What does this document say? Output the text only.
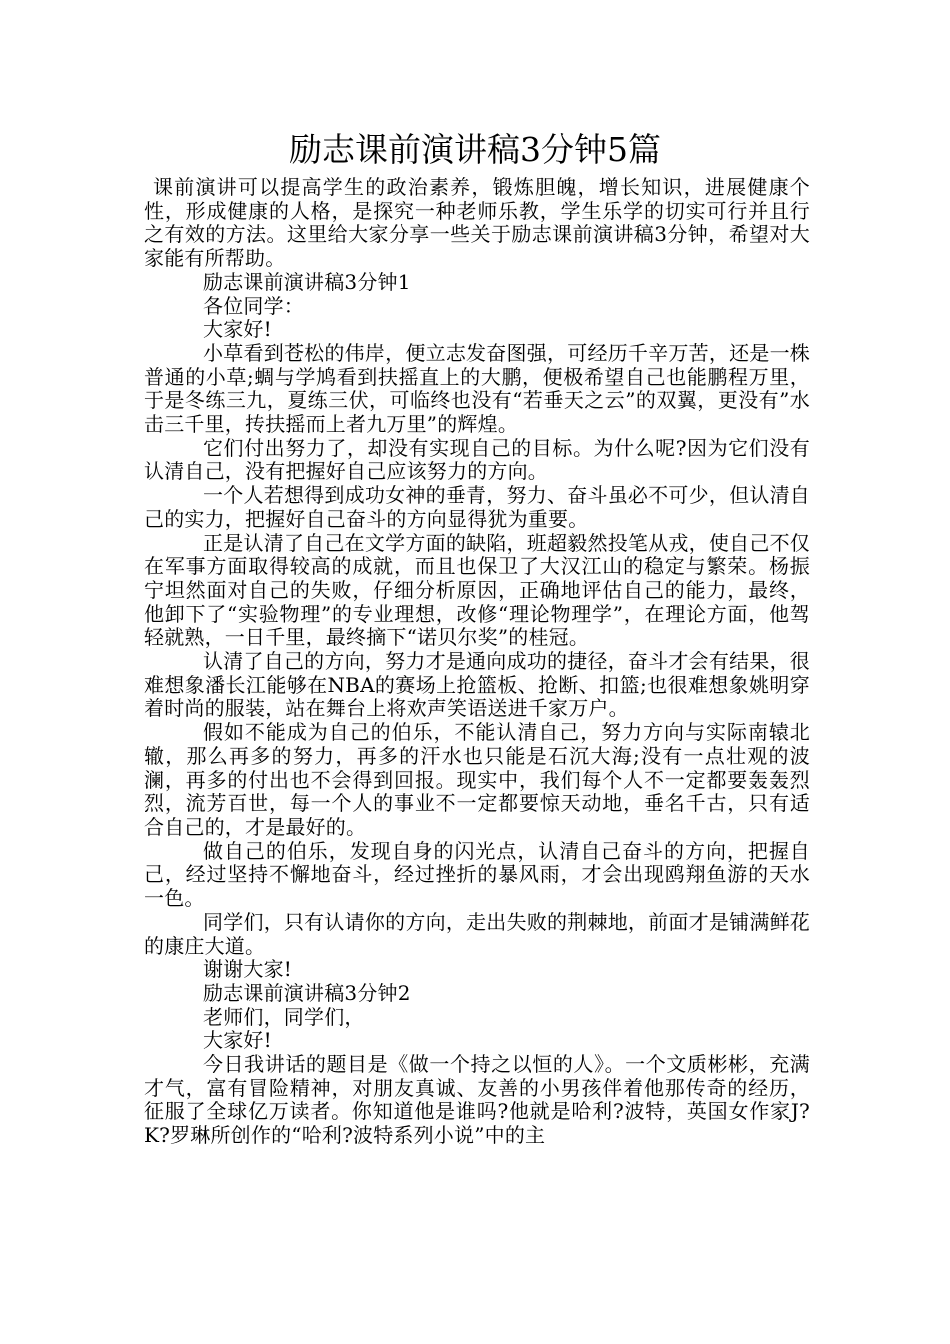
励志课前演讲稿3分钟5篇

课前演讲可以提高学生的政治素养，锻炼胆魄，增长知识，进展健康个性，形成健康的人格，是探究一种老师乐教，学生乐学的切实可行并且行之有效的方法。这里给大家分享一些关于励志课前演讲稿3分钟，希望对大家能有所帮助。

励志课前演讲稿3分钟1

各位同学：

大家好!

小草看到苍松的伟岸，便立志发奋图强，可经历千辛万苦，还是一株普通的小草;蜩与学鸠看到扶摇直上的大鹏，便极希望自己也能鹏程万里，于是冬练三九，夏练三伏，可临终也没有“若垂天之云”的双翼，更没有”水击三千里，抟扶摇而上者九万里”的辉煌。

它们付出努力了，却没有实现自己的目标。为什么呢?因为它们没有认清自己，没有把握好自己应该努力的方向。

一个人若想得到成功女神的垂青，努力、奋斗虽必不可少，但认清自己的实力，把握好自己奋斗的方向显得犹为重要。

正是认清了自己在文学方面的缺陷，班超毅然投笔从戎，使自己不仅在军事方面取得较高的成就，而且也保卫了大汉江山的稳定与繁荣。杨振宁坦然面对自己的失败，仔细分析原因，正确地评估自己的能力，最终，他卸下了“实验物理”的专业理想，改修“理论物理学”，在理论方面，他驾轻就熟，一日千里，最终摘下“诺贝尔奖”的桂冠。

认清了自己的方向，努力才是通向成功的捷径，奋斗才会有结果，很难想象潘长江能够在NBA的赛场上抢篮板、抢断、扣篮;也很难想象姚明穿着时尚的服装，站在舞台上将欢声笑语送进千家万户。

假如不能成为自己的伯乐，不能认清自己，努力方向与实际南辕北辙，那么再多的努力，再多的汗水也只能是石沉大海;没有一点壮观的波澜，再多的付出也不会得到回报。现实中，我们每个人不一定都要轰轰烈烈，流芳百世，每一个人的事业不一定都要惊天动地，垂名千古，只有适合自己的，才是最好的。

做自己的伯乐，发现自身的闪光点，认清自己奋斗的方向，把握自己，经过坚持不懈地奋斗，经过挫折的暴风雨，才会出现鸥翔鱼游的天水一色。

同学们，只有认请你的方向，走出失败的荆棘地，前面才是铺满鲜花的康庄大道。

谢谢大家!

励志课前演讲稿3分钟2

老师们，同学们，

大家好!

今日我讲话的题目是《做一个持之以恒的人》。一个文质彬彬，充满才气，富有冒险精神，对朋友真诚、友善的小男孩伴着他那传奇的经历，征服了全球亿万读者。你知道他是谁吗?他就是哈利?波特，英国女作家J?K?罗琳所创作的“哈利?波特系列小说”中的主
